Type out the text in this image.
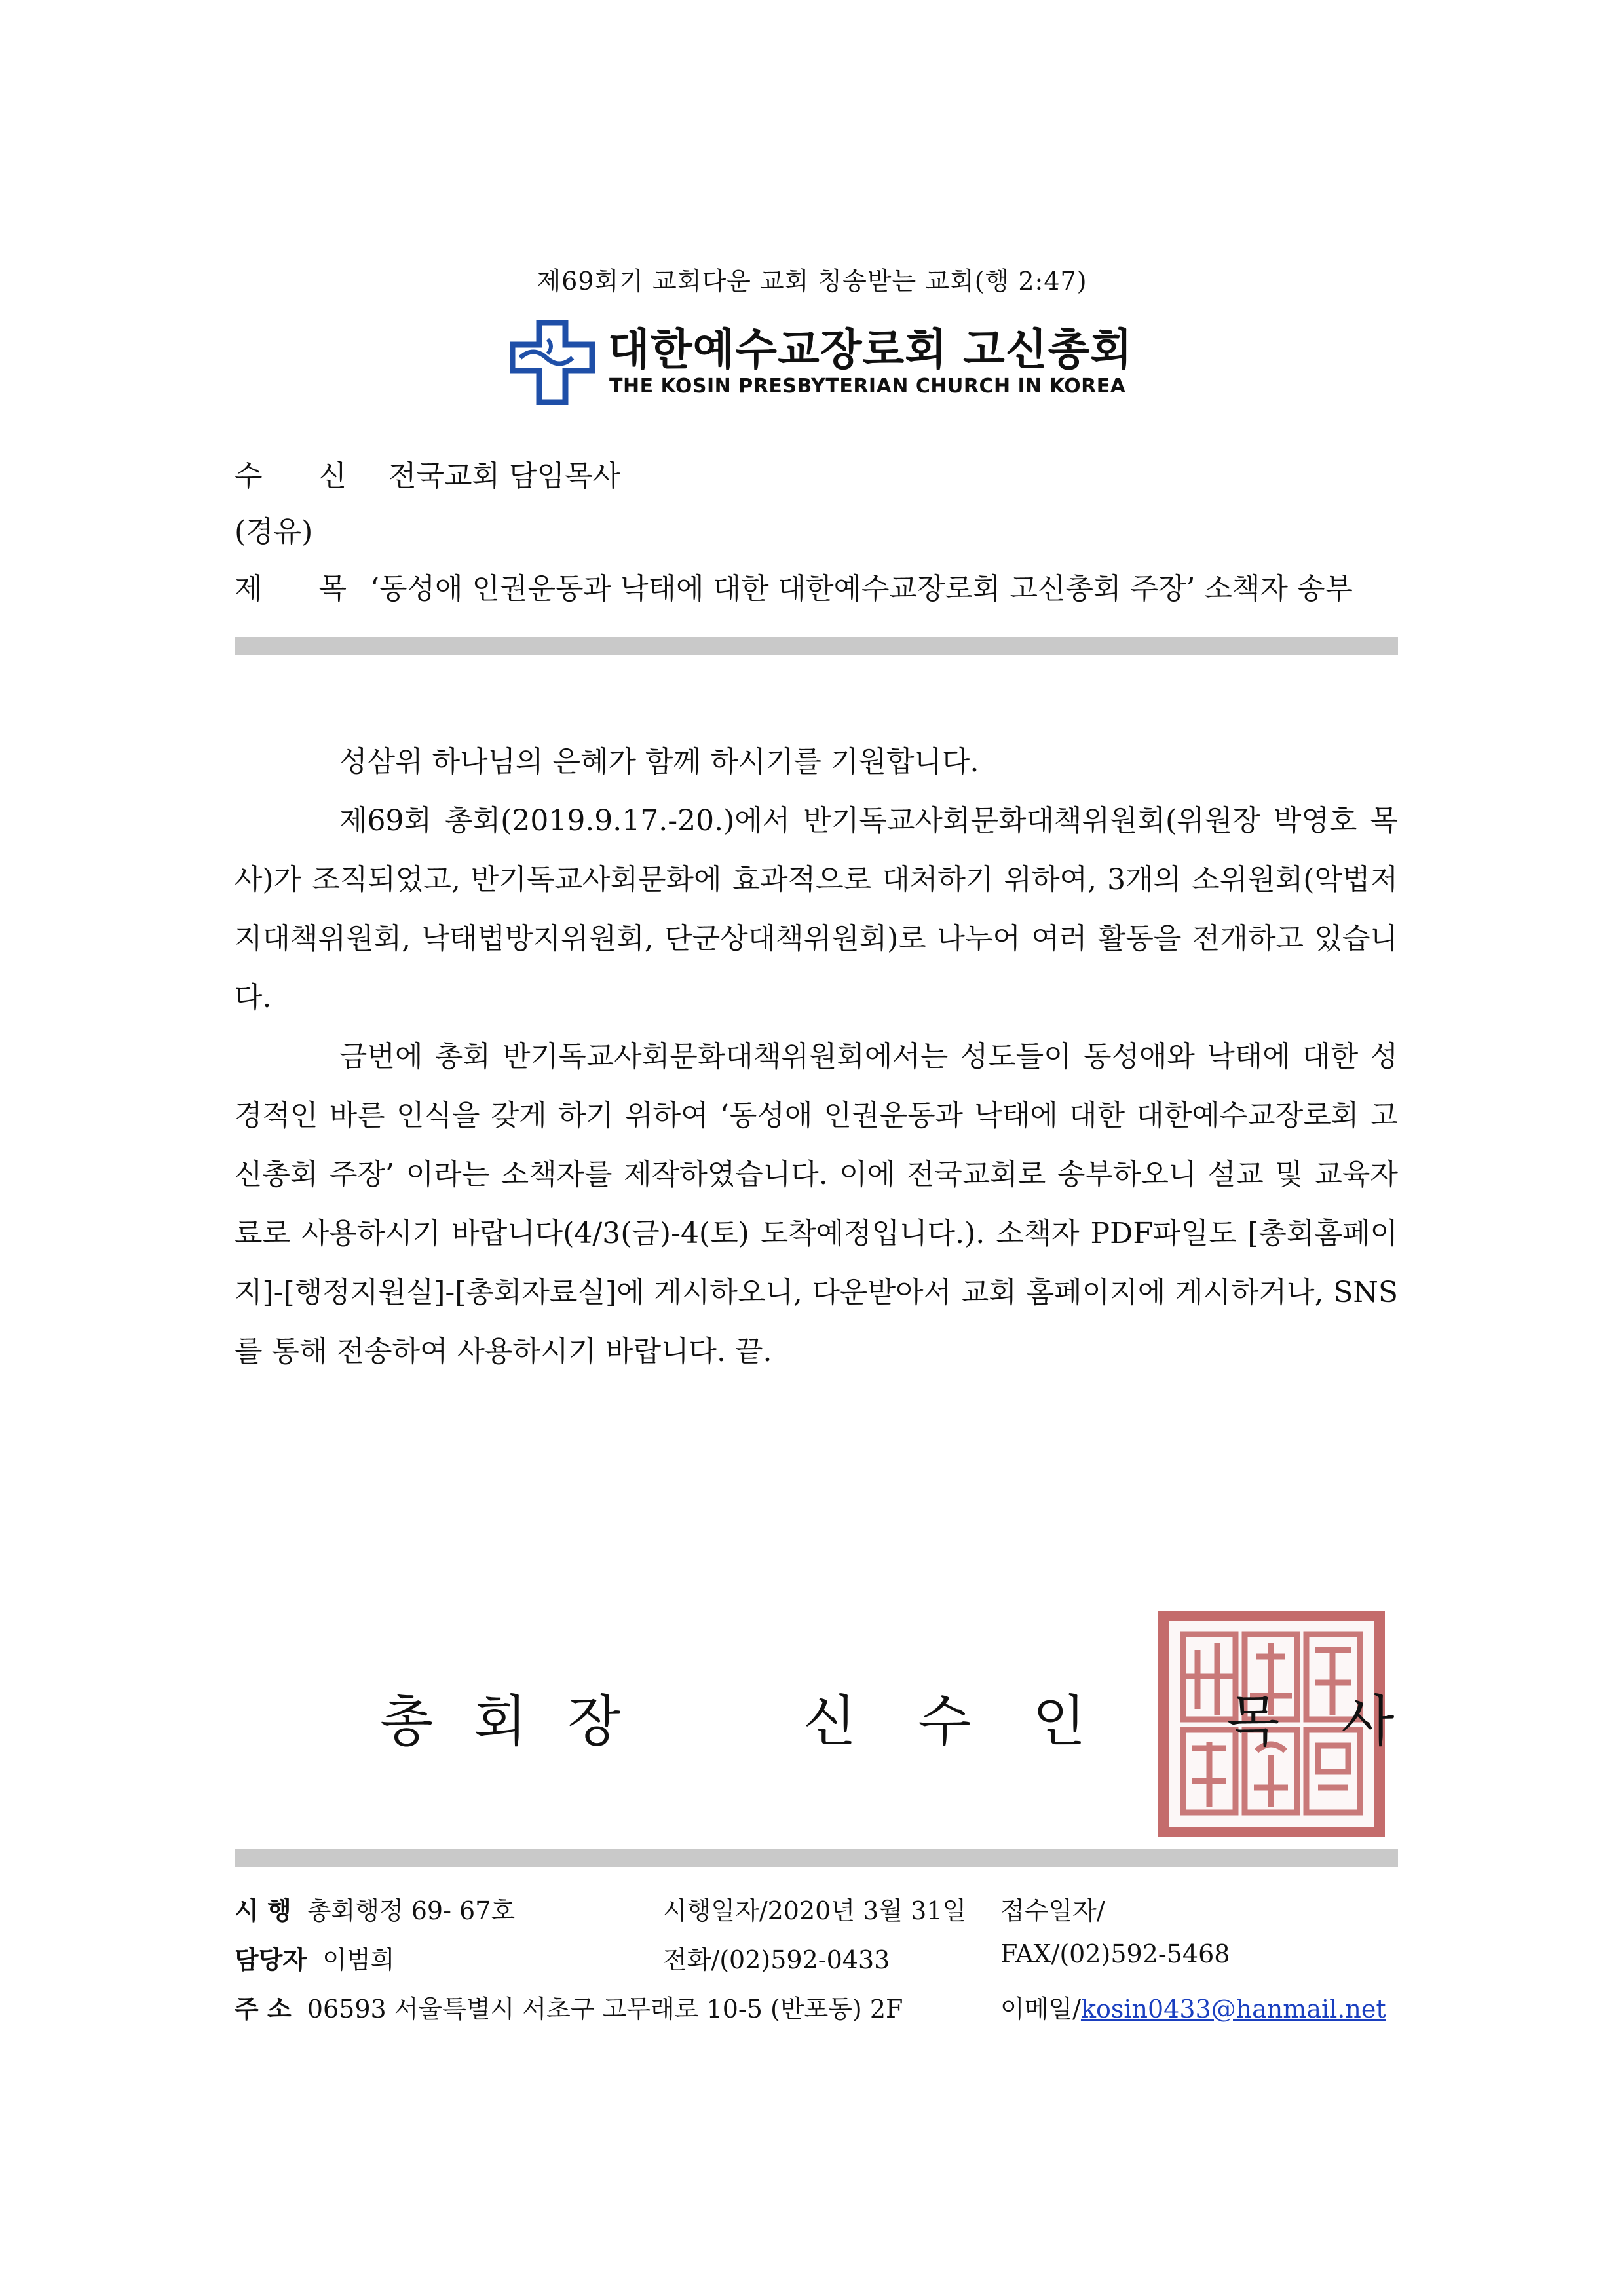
제69회기 교회다운 교회 칭송받는 교회(행 2:47)
대한예수교장로회 고신총회
THE KOSIN PRESBYTERIAN CHURCH IN KOREA
수 신 전국교회 담임목사
(경유)
제 목‘동성애 인권운동과 낙태에 대한 대한예수교장로회 고신총회 주장’ 소책자 송부

성삼위 하나님의 은혜가 함께 하시기를 기원합니다.

제69회 총회(2019.9.17.-20.)에서 반기독교사회문화대책위원회(위원장 박영호 목사)가 조직되었고, 반기독교사회문화에 효과적으로 대처하기 위하여, 3개의 소위원회(악법저지대책위원회, 낙태법방지위원회, 단군상대책위원회)로 나누어 여러 활동을 전개하고 있습니다.

금번에 총회 반기독교사회문화대책위원회에서는 성도들이 동성애와 낙태에 대한 성경적인 바른 인식을 갖게 하기 위하여 ‘동성애 인권운동과 낙태에 대한 대한예수교장로회 고신총회 주장’ 이라는 소책자를 제작하였습니다. 이에 전국교회로 송부하오니 설교 및 교육자료로 사용하시기 바랍니다(4/3(금)-4(토) 도착예정입니다.). 소책자 PDF파일도 [총회홈페이지]-[행정지원실]-[총회자료실]에 게시하오니, 다운받아서 교회 홈페이지에 게시하거나, SNS를 통해 전송하여 사용하시기 바랍니다. 끝.

총회장	신수인 목사
시 행 총회행정 69- 67호	시행일자/2020년 3월 31일 접수일자/
담당자 이범희	전화/(02)592-0433	FAX/(02)592-5468
주 소 06593 서울특별시 서초구 고무래로 10-5 (반포동) 2F	이메일/kosin0433@hanmail.net
